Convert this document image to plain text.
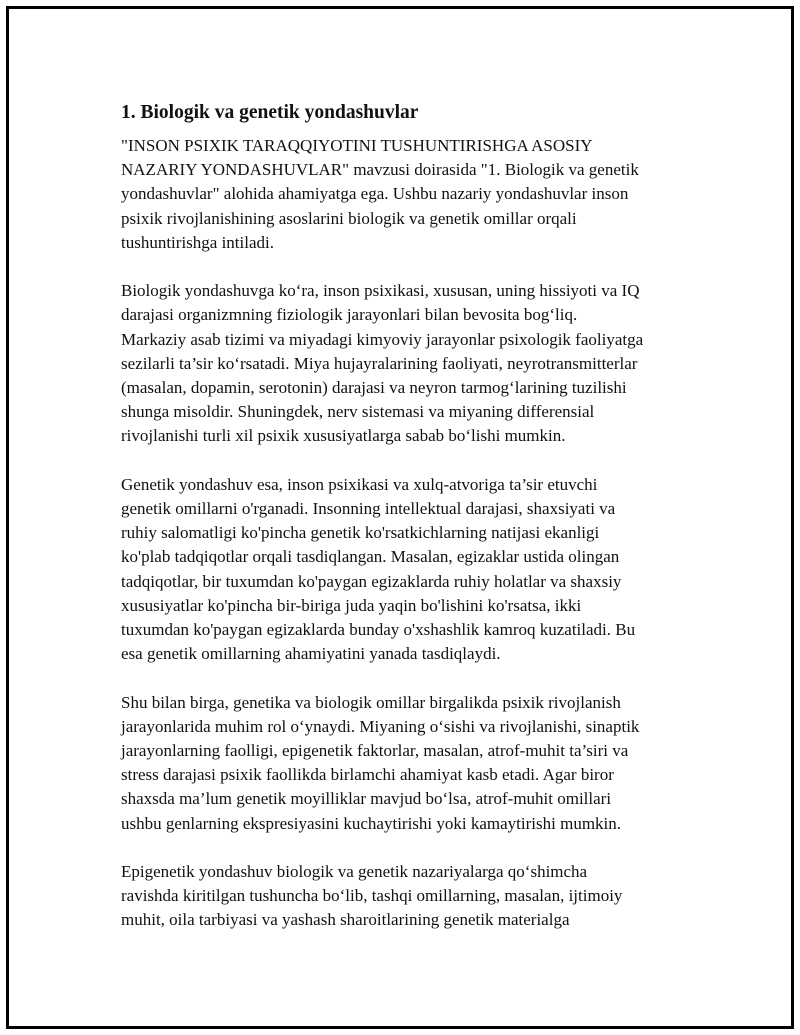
1. Biologik va genetik yondashuvlar

"INSON PSIXIK TARAQQIYOTINI TUSHUNTIRISHGA ASOSIY
NAZARIY YONDASHUVLAR" mavzusi doirasida "1. Biologik va genetik
yondashuvlar" alohida ahamiyatga ega. Ushbu nazariy yondashuvlar inson
psixik rivojlanishining asoslarini biologik va genetik omillar orqali
tushuntirishga intiladi.

Biologik yondashuvga ko‘ra, inson psixikasi, xususan, uning hissiyoti va IQ
darajasi organizmning fiziologik jarayonlari bilan bevosita bog‘liq.
Markaziy asab tizimi va miyadagi kimyoviy jarayonlar psixologik faoliyatga
sezilarli ta’sir ko‘rsatadi. Miya hujayralarining faoliyati, neyrotransmitterlar
(masalan, dopamin, serotonin) darajasi va neyron tarmog‘larining tuzilishi
shunga misoldir. Shuningdek, nerv sistemasi va miyaning differensial
rivojlanishi turli xil psixik xususiyatlarga sabab bo‘lishi mumkin.

Genetik yondashuv esa, inson psixikasi va xulq-atvoriga ta’sir etuvchi
genetik omillarni o'rganadi. Insonning intellektual darajasi, shaxsiyati va
ruhiy salomatligi ko'pincha genetik ko'rsatkichlarning natijasi ekanligi
ko'plab tadqiqotlar orqali tasdiqlangan. Masalan, egizaklar ustida olingan
tadqiqotlar, bir tuxumdan ko'paygan egizaklarda ruhiy holatlar va shaxsiy
xususiyatlar ko'pincha bir-biriga juda yaqin bo'lishini ko'rsatsa, ikki
tuxumdan ko'paygan egizaklarda bunday o'xshashlik kamroq kuzatiladi. Bu
esa genetik omillarning ahamiyatini yanada tasdiqlaydi.

Shu bilan birga, genetika va biologik omillar birgalikda psixik rivojlanish
jarayonlarida muhim rol o‘ynaydi. Miyaning o‘sishi va rivojlanishi, sinaptik
jarayonlarning faolligi, epigenetik faktorlar, masalan, atrof-muhit ta’siri va
stress darajasi psixik faollikda birlamchi ahamiyat kasb etadi. Agar biror
shaxsda ma’lum genetik moyilliklar mavjud bo‘lsa, atrof-muhit omillari
ushbu genlarning ekspresiyasini kuchaytirishi yoki kamaytirishi mumkin.

Epigenetik yondashuv biologik va genetik nazariyalarga qo‘shimcha
ravishda kiritilgan tushuncha bo‘lib, tashqi omillarning, masalan, ijtimoiy
muhit, oila tarbiyasi va yashash sharoitlarining genetik materialga
